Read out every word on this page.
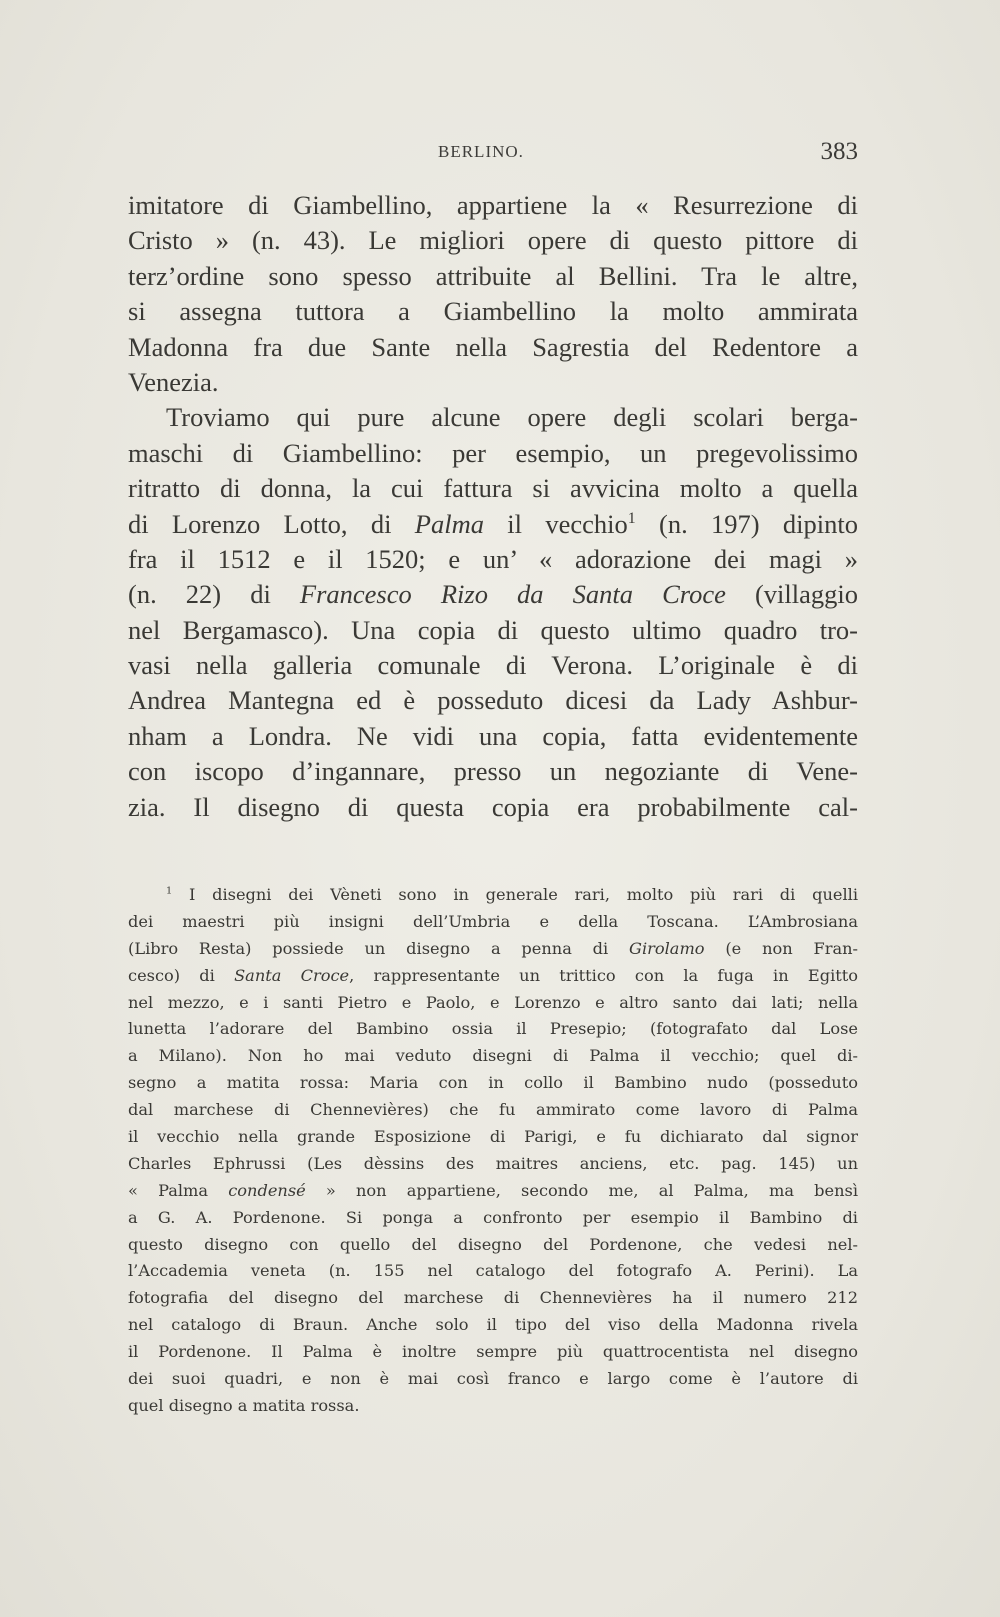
BERLINO.	383
imitatore di Giambellino, appartiene la « Resurrezione di
Cristo » (n. 43). Le migliori opere di questo pittore di
terz’ordine sono spesso attribuite al Bellini. Tra le altre,
si assegna tuttora a Giambellino la molto ammirata
Madonna fra due Sante nella Sagrestia del Redentore a
Venezia.
Troviamo qui pure alcune opere degli scolari berga-
maschi di Giambellino: per esempio, un pregevolissimo
ritratto di donna, la cui fattura si avvicina molto a quella
di Lorenzo Lotto, di Palma il vecchio$^1$ (n. 197) dipinto
fra il 1512 e il 1520; e un’ « adorazione dei magi »
(n. 22) di Francesco Rizo da Santa Croce (villaggio
nel Bergamasco). Una copia di questo ultimo quadro tro-
vasi nella galleria comunale di Verona. L’originale è di
Andrea Mantegna ed è posseduto dicesi da Lady Ashbur-
nham a Londra. Ne vidi una copia, fatta evidentemente
con iscopo d’ingannare, presso un negoziante di Vene-
zia. Il disegno di questa copia era probabilmente cal-
$^1$ I disegni dei Vèneti sono in generale rari, molto più rari di quelli
dei maestri più insigni dell’Umbria e della Toscana. L’Ambrosiana
(Libro Resta) possiede un disegno a penna di Girolamo (e non Fran-
cesco) di Santa Croce, rappresentante un trittico con la fuga in Egitto
nel mezzo, e i santi Pietro e Paolo, e Lorenzo e altro santo dai lati; nella
lunetta l’adorare del Bambino ossia il Presepio; (fotografato dal Lose
a Milano). Non ho mai veduto disegni di Palma il vecchio; quel di-
segno a matita rossa: Maria con in collo il Bambino nudo (posseduto
dal marchese di Chennevières) che fu ammirato come lavoro di Palma
il vecchio nella grande Esposizione di Parigi, e fu dichiarato dal signor
Charles Ephrussi (Les dèssins des maitres anciens, etc. pag. 145) un
« Palma condensé » non appartiene, secondo me, al Palma, ma bensì
a G. A. Pordenone. Si ponga a confronto per esempio il Bambino di
questo disegno con quello del disegno del Pordenone, che vedesi nel-
l’Accademia veneta (n. 155 nel catalogo del fotografo A. Perini). La
fotografia del disegno del marchese di Chennevières ha il numero 212
nel catalogo di Braun. Anche solo il tipo del viso della Madonna rivela
il Pordenone. Il Palma è inoltre sempre più quattrocentista nel disegno
dei suoi quadri, e non è mai così franco e largo come è l’autore di
quel disegno a matita rossa.
